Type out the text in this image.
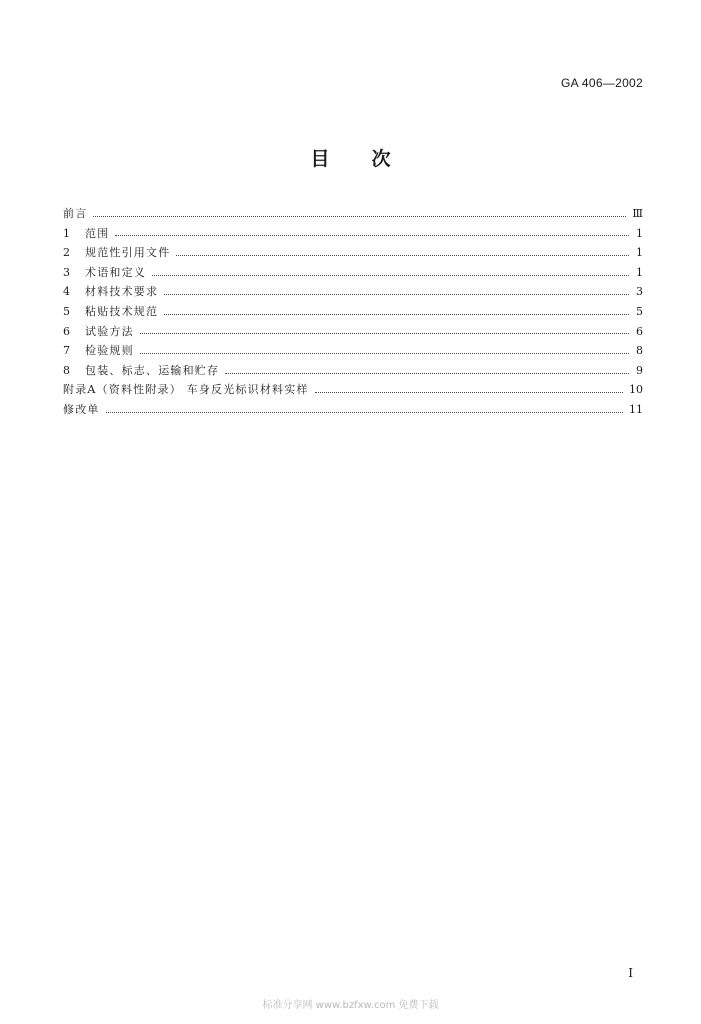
GA 406—2002
目 次
前言	Ⅲ
1	范围	1
2	规范性引用文件	1
3	术语和定义	1
4	材料技术要求	3
5	粘贴技术规范	5
6	试验方法	6
7	检验规则	8
8	包装、标志、运输和贮存	9
附录A（资料性附录） 车身反光标识材料实样	10
修改单	11
I
标准分享网 www.bzfxw.com 免费下载
